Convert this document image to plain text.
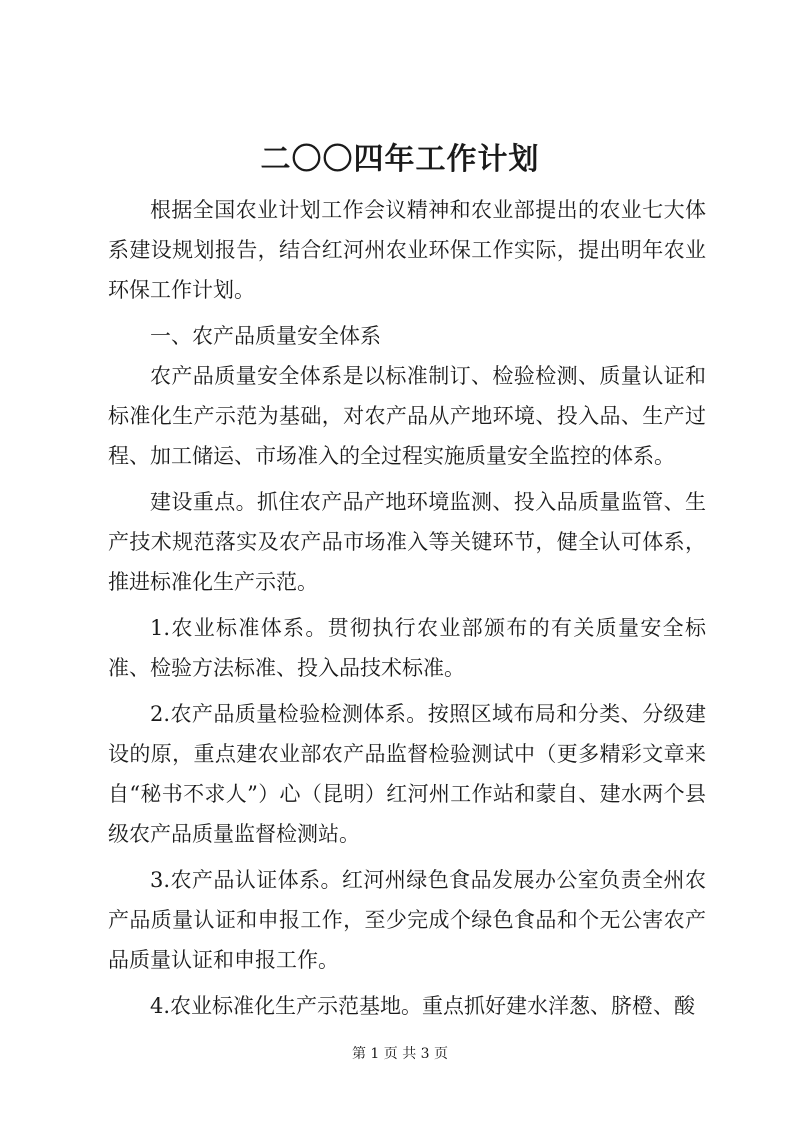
二〇〇四年工作计划

根据全国农业计划工作会议精神和农业部提出的农业七大体系建设规划报告，结合红河州农业环保工作实际，提出明年农业环保工作计划。

一、农产品质量安全体系

农产品质量安全体系是以标准制订、检验检测、质量认证和标准化生产示范为基础，对农产品从产地环境、投入品、生产过程、加工储运、市场准入的全过程实施质量安全监控的体系。

建设重点。抓住农产品产地环境监测、投入品质量监管、生产技术规范落实及农产品市场准入等关键环节，健全认可体系，推进标准化生产示范。

1.农业标准体系。贯彻执行农业部颁布的有关质量安全标准、检验方法标准、投入品技术标准。

2.农产品质量检验检测体系。按照区域布局和分类、分级建设的原，重点建农业部农产品监督检验测试中（更多精彩文章来自“秘书不求人”）心（昆明）红河州工作站和蒙自、建水两个县级农产品质量监督检测站。

3.农产品认证体系。红河州绿色食品发展办公室负责全州农产品质量认证和申报工作，至少完成个绿色食品和个无公害农产品质量认证和申报工作。

4.农业标准化生产示范基地。重点抓好建水洋葱、脐橙、酸

第 1 页 共 3 页
